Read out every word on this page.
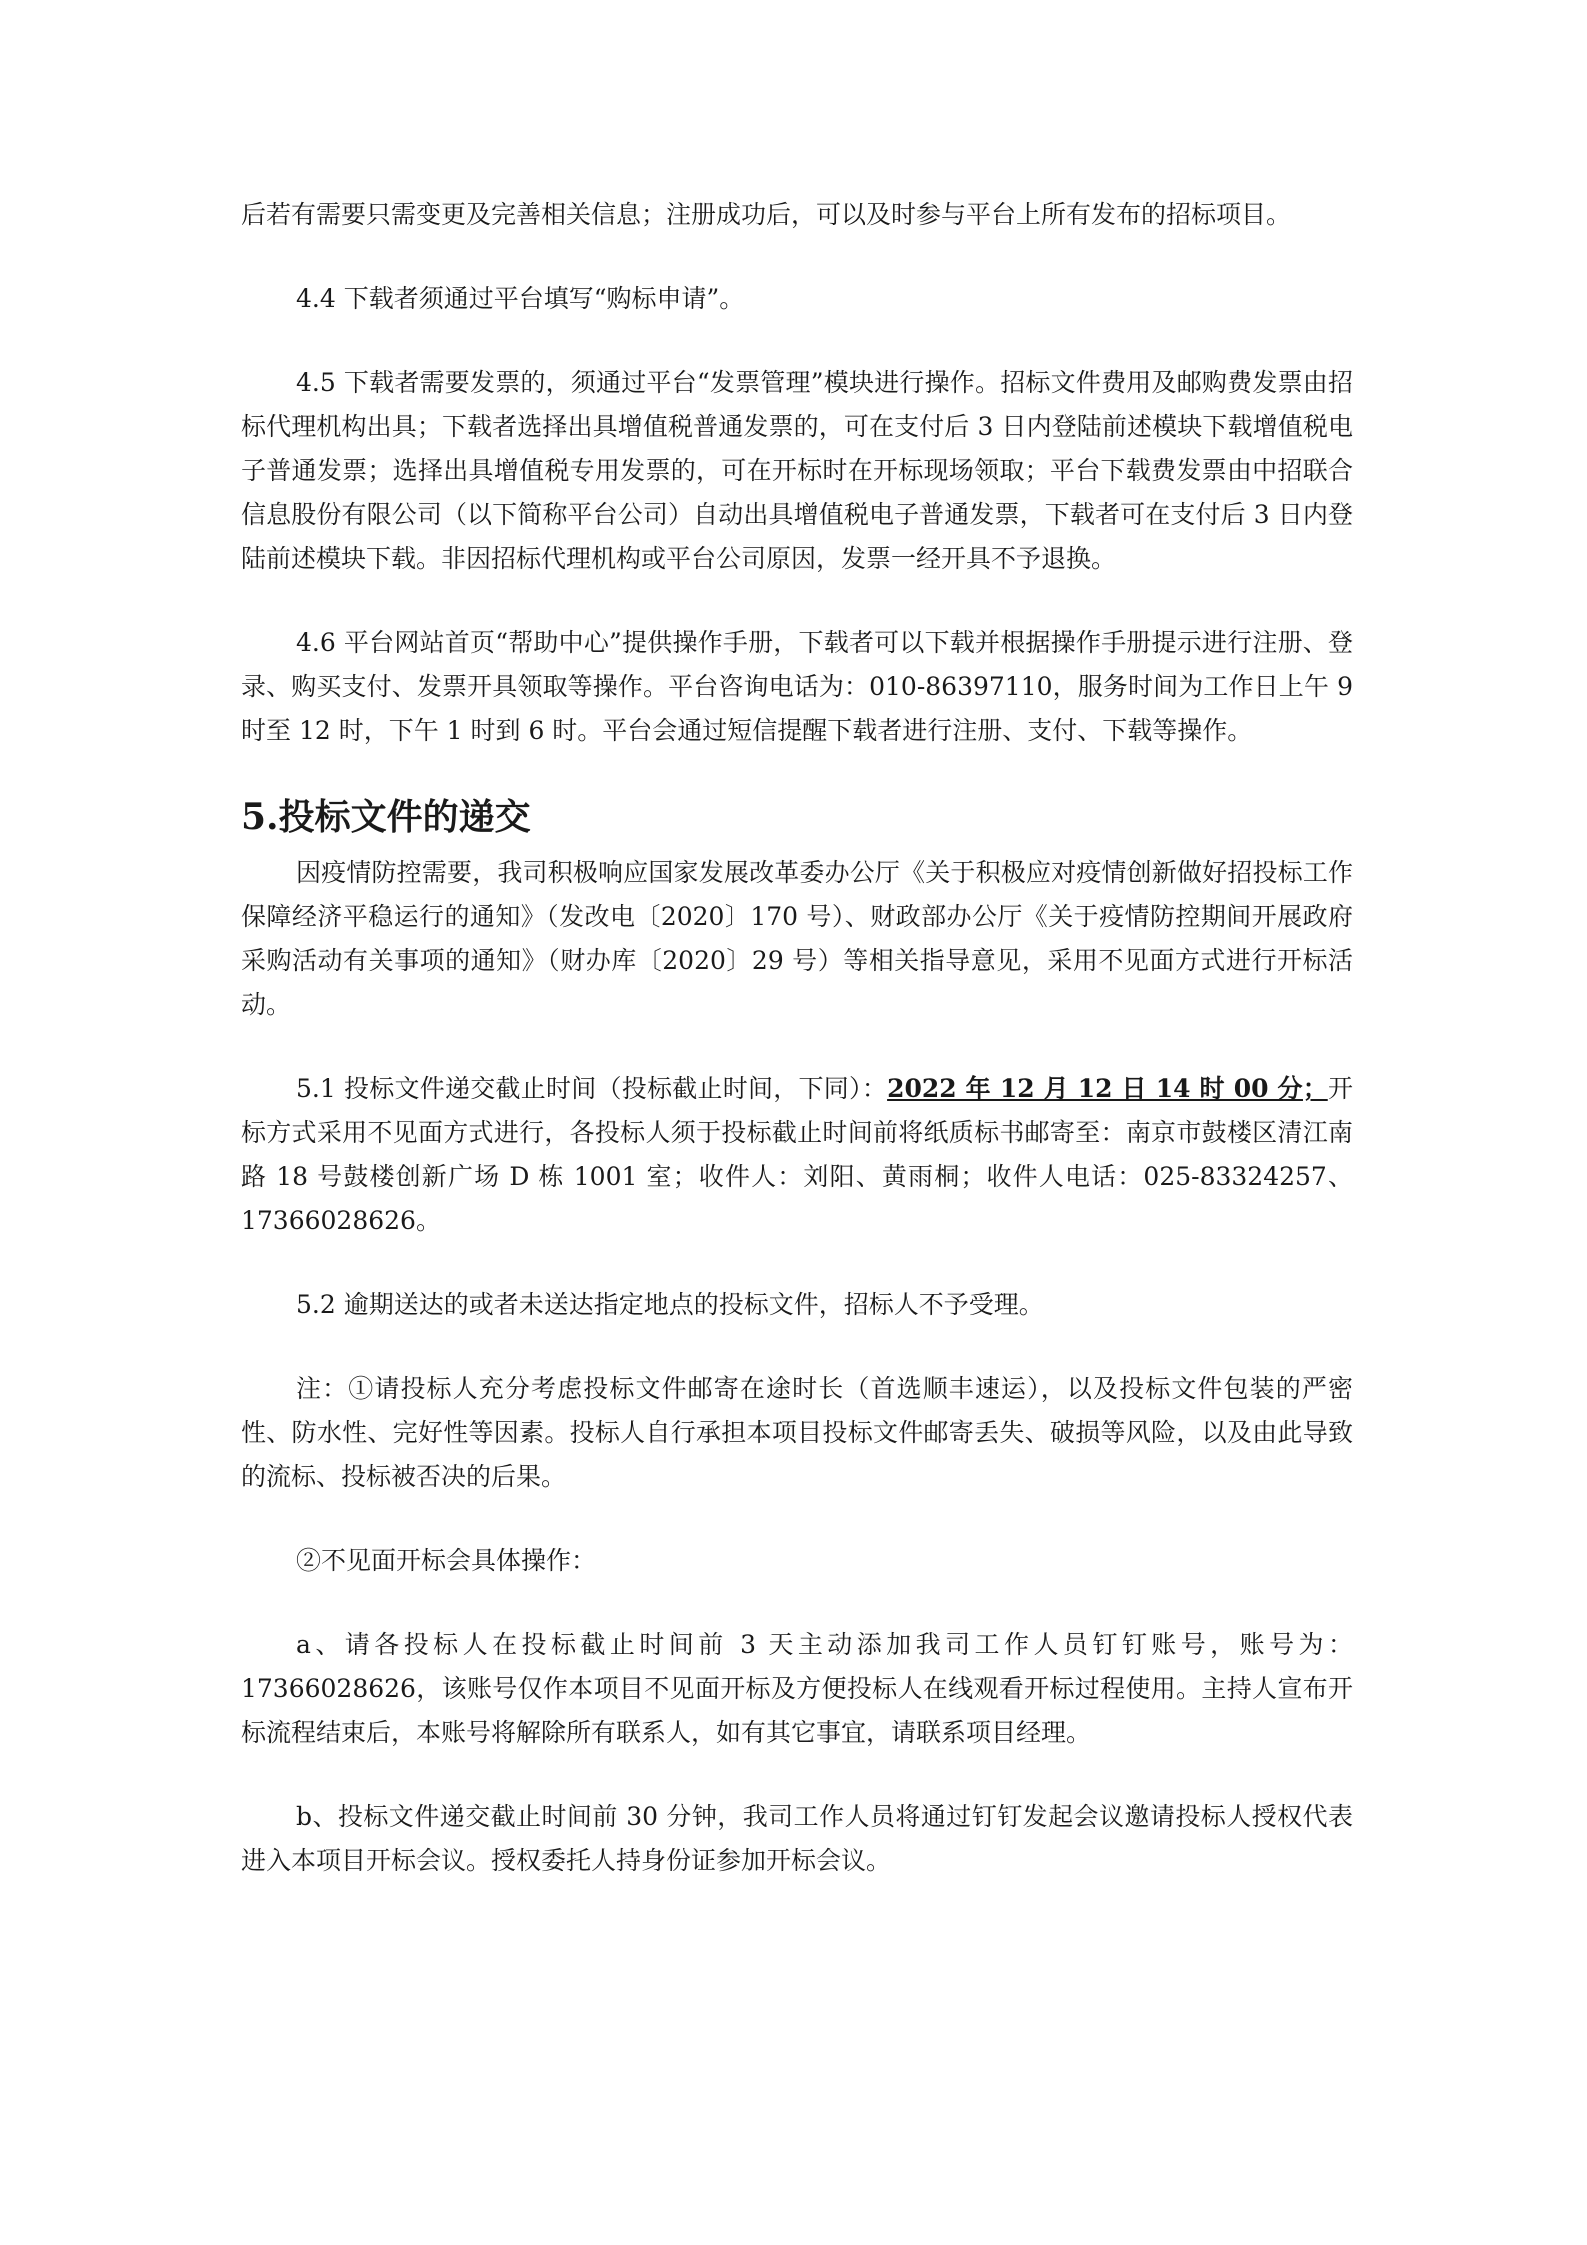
后若有需要只需变更及完善相关信息；注册成功后，可以及时参与平台上所有发布的招标项目。

4.4 下载者须通过平台填写“购标申请”。

4.5 下载者需要发票的，须通过平台“发票管理”模块进行操作。招标文件费用及邮购费发票由招标代理机构出具；下载者选择出具增值税普通发票的，可在支付后 3 日内登陆前述模块下载增值税电子普通发票；选择出具增值税专用发票的，可在开标时在开标现场领取；平台下载费发票由中招联合信息股份有限公司（以下简称平台公司）自动出具增值税电子普通发票，下载者可在支付后 3 日内登陆前述模块下载。非因招标代理机构或平台公司原因，发票一经开具不予退换。

4.6 平台网站首页“帮助中心”提供操作手册，下载者可以下载并根据操作手册提示进行注册、登录、购买支付、发票开具领取等操作。平台咨询电话为：010-86397110，服务时间为工作日上午 9 时至 12 时，下午 1 时到 6 时。平台会通过短信提醒下载者进行注册、支付、下载等操作。

5.投标文件的递交

因疫情防控需要，我司积极响应国家发展改革委办公厅《关于积极应对疫情创新做好招投标工作保障经济平稳运行的通知》（发改电〔2020〕170 号）、财政部办公厅《关于疫情防控期间开展政府采购活动有关事项的通知》（财办库〔2020〕29 号）等相关指导意见，采用不见面方式进行开标活动。

5.1 投标文件递交截止时间（投标截止时间，下同）：2022 年 12 月 12 日 14 时 00 分；开标方式采用不见面方式进行，各投标人须于投标截止时间前将纸质标书邮寄至：南京市鼓楼区清江南路 18 号鼓楼创新广场 D 栋 1001 室；收件人：刘阳、黄雨桐；收件人电话：025-83324257、17366028626。

5.2 逾期送达的或者未送达指定地点的投标文件，招标人不予受理。

注：①请投标人充分考虑投标文件邮寄在途时长（首选顺丰速运），以及投标文件包装的严密性、防水性、完好性等因素。投标人自行承担本项目投标文件邮寄丢失、破损等风险，以及由此导致的流标、投标被否决的后果。

②不见面开标会具体操作：

a、请各投标人在投标截止时间前 3 天主动添加我司工作人员钉钉账号，账号为：17366028626，该账号仅作本项目不见面开标及方便投标人在线观看开标过程使用。主持人宣布开标流程结束后，本账号将解除所有联系人，如有其它事宜，请联系项目经理。

b、投标文件递交截止时间前 30 分钟，我司工作人员将通过钉钉发起会议邀请投标人授权代表进入本项目开标会议。授权委托人持身份证参加开标会议。
